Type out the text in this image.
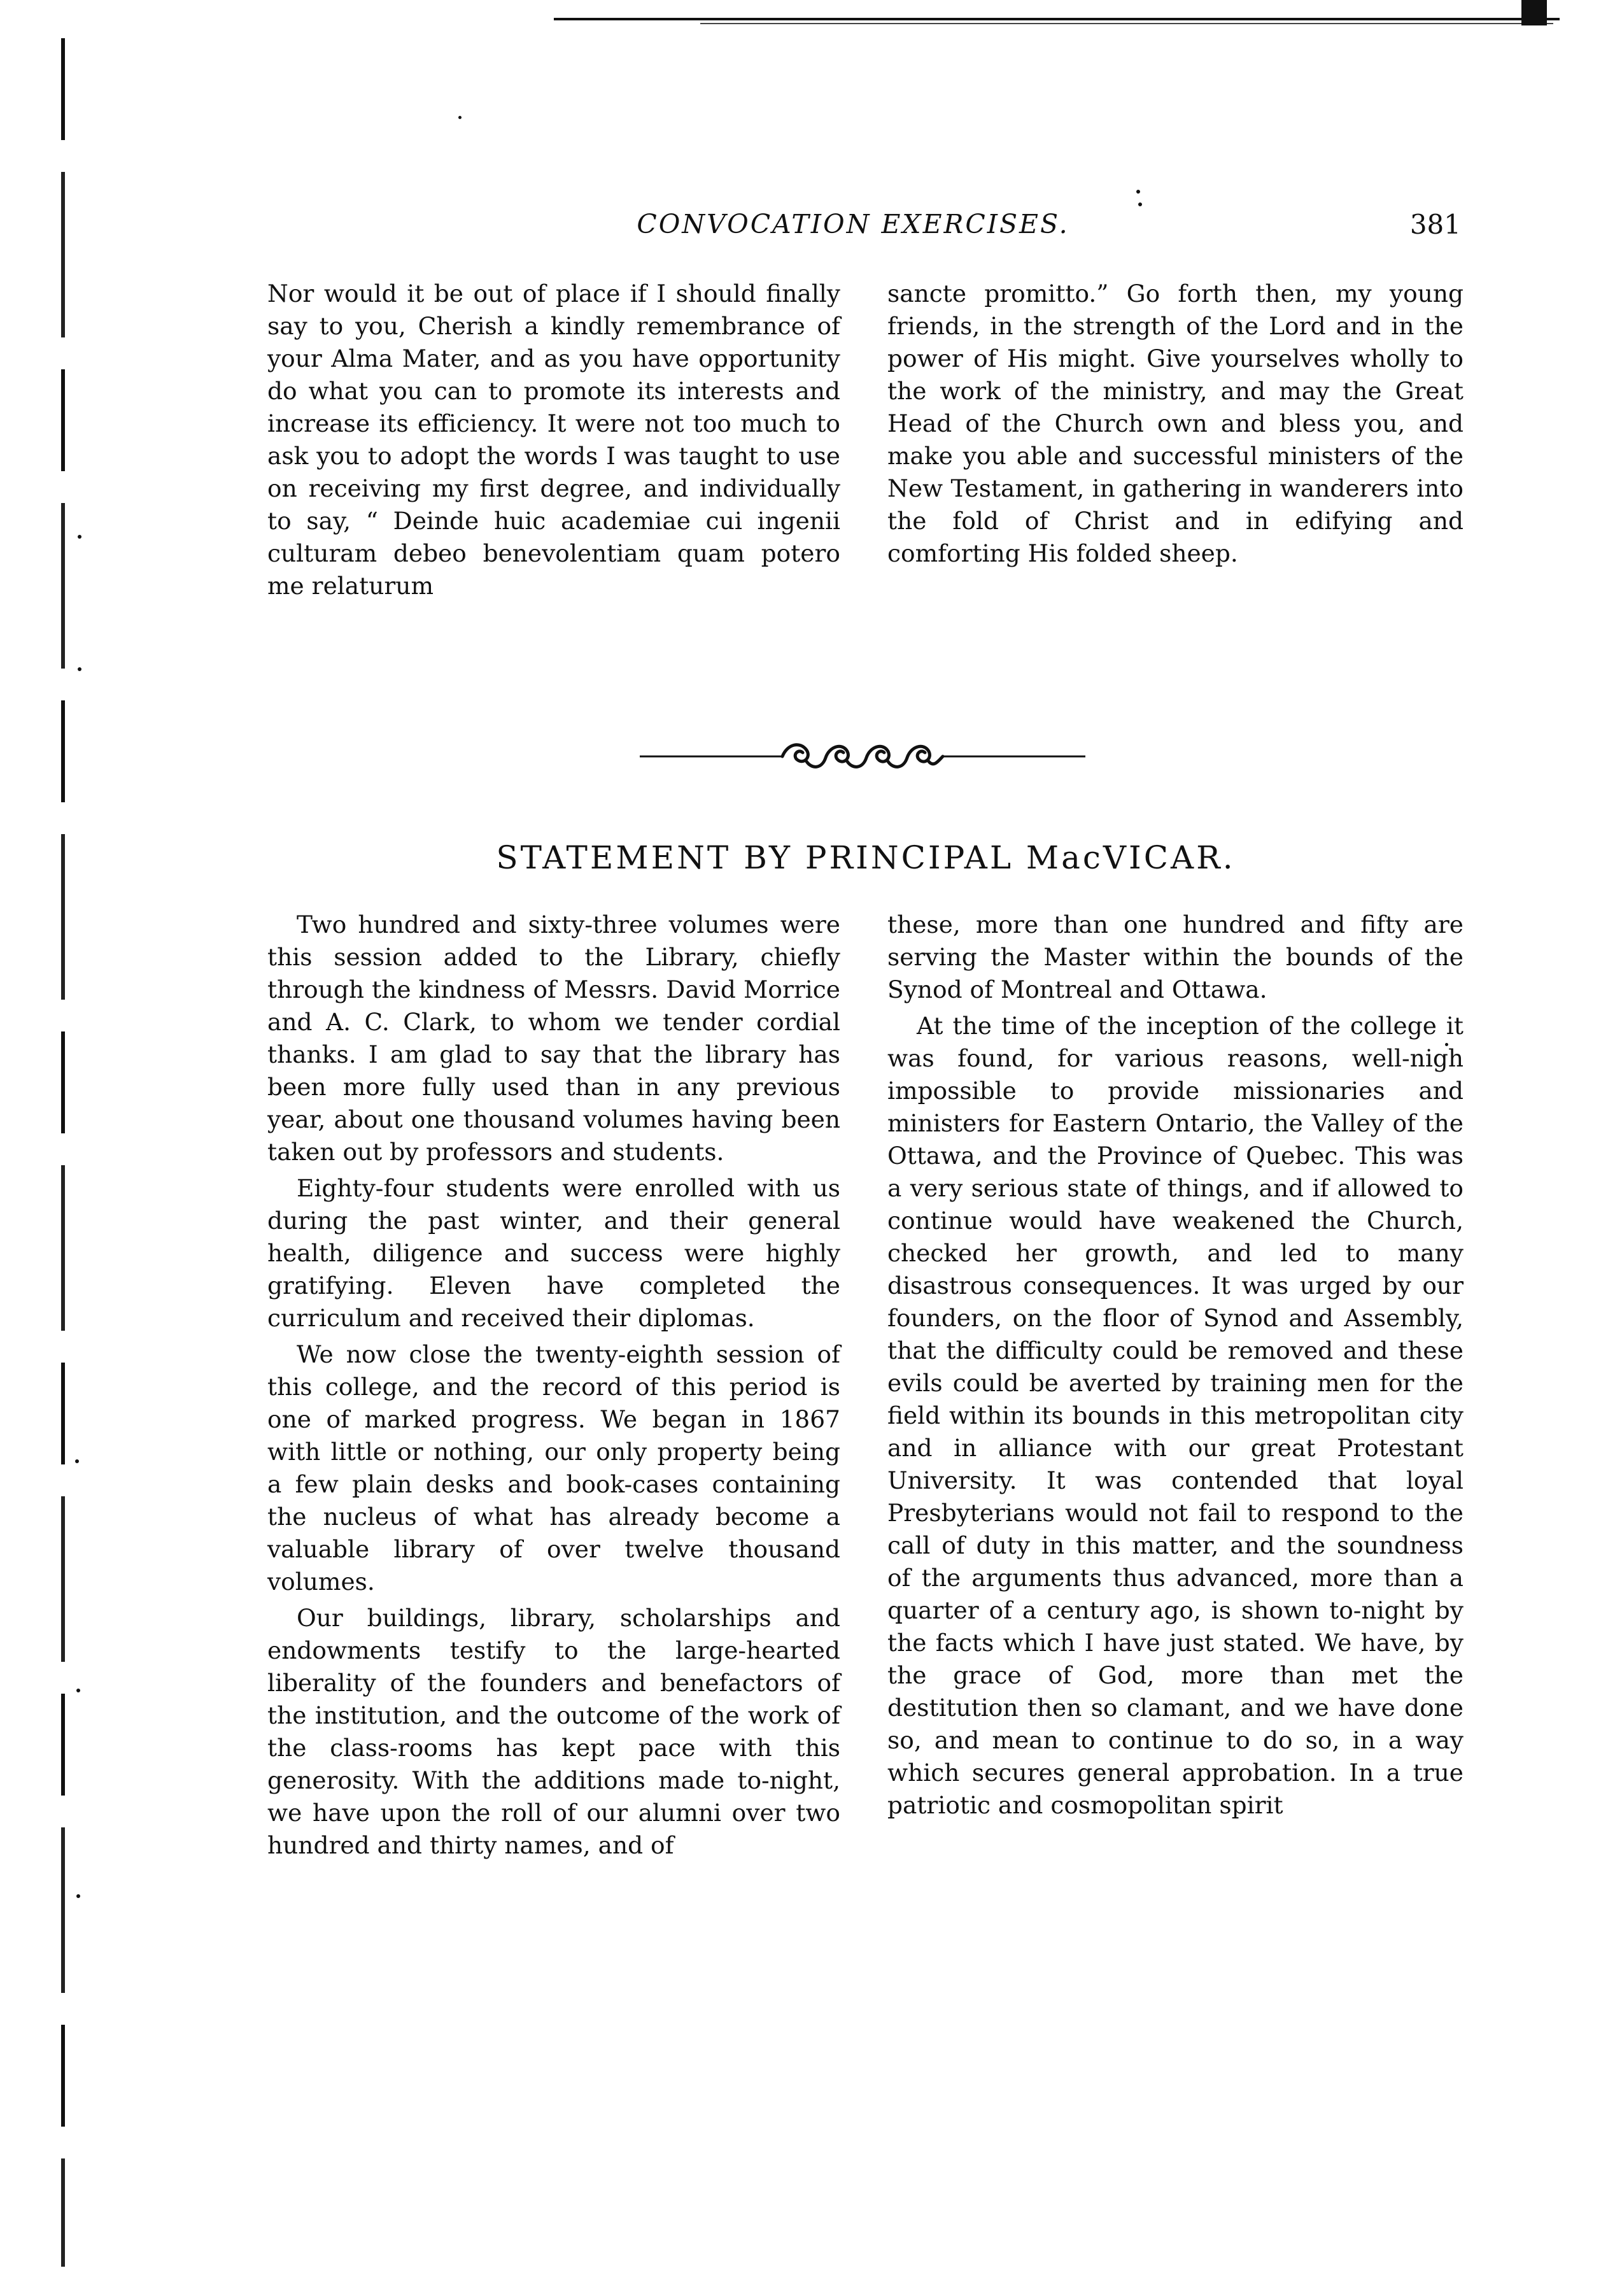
CONVOCATION EXERCISES.	381

Nor would it be out of place if I should finally say to you, Cherish a kindly remembrance of your Alma Mater, and as you have opportunity do what you can to promote its interests and increase its efficiency. It were not too much to ask you to adopt the words I was taught to use on receiving my first degree, and individually to say, “ Deinde huic academiae cui ingenii culturam debeo benevolentiam quam potero me relaturum

sancte promitto.” Go forth then, my young friends, in the strength of the Lord and in the power of His might. Give yourselves wholly to the work of the ministry, and may the Great Head of the Church own and bless you, and make you able and successful ministers of the New Testament, in gathering in wanderers into the fold of Christ and in edifying and comforting His folded sheep.

STATEMENT BY PRINCIPAL MacVICAR.

Two hundred and sixty-three volumes were this session added to the Library, chiefly through the kindness of Messrs. David Morrice and A. C. Clark, to whom we tender cordial thanks. I am glad to say that the library has been more fully used than in any previous year, about one thousand volumes having been taken out by professors and students.

Eighty-four students were enrolled with us during the past winter, and their general health, diligence and success were highly gratifying. Eleven have completed the curriculum and received their diplomas.

We now close the twenty-eighth session of this college, and the record of this period is one of marked progress. We began in 1867 with little or nothing, our only property being a few plain desks and book-cases containing the nucleus of what has already become a valuable library of over twelve thousand volumes.

Our buildings, library, scholarships and endowments testify to the large-hearted liberality of the founders and benefactors of the institution, and the outcome of the work of the class-rooms has kept pace with this generosity. With the additions made to-night, we have upon the roll of our alumni over two hundred and thirty names, and of

these, more than one hundred and fifty are serving the Master within the bounds of the Synod of Montreal and Ottawa.

At the time of the inception of the college it was found, for various reasons, well-nigh impossible to provide missionaries and ministers for Eastern Ontario, the Valley of the Ottawa, and the Province of Quebec. This was a very serious state of things, and if allowed to continue would have weakened the Church, checked her growth, and led to many disastrous consequences. It was urged by our founders, on the floor of Synod and Assembly, that the difficulty could be removed and these evils could be averted by training men for the field within its bounds in this metropolitan city and in alliance with our great Protestant University. It was contended that loyal Presbyterians would not fail to respond to the call of duty in this matter, and the soundness of the arguments thus advanced, more than a quarter of a century ago, is shown to-night by the facts which I have just stated. We have, by the grace of God, more than met the destitution then so clamant, and we have done so, and mean to continue to do so, in a way which secures general approbation. In a true patriotic and cosmopolitan spirit
